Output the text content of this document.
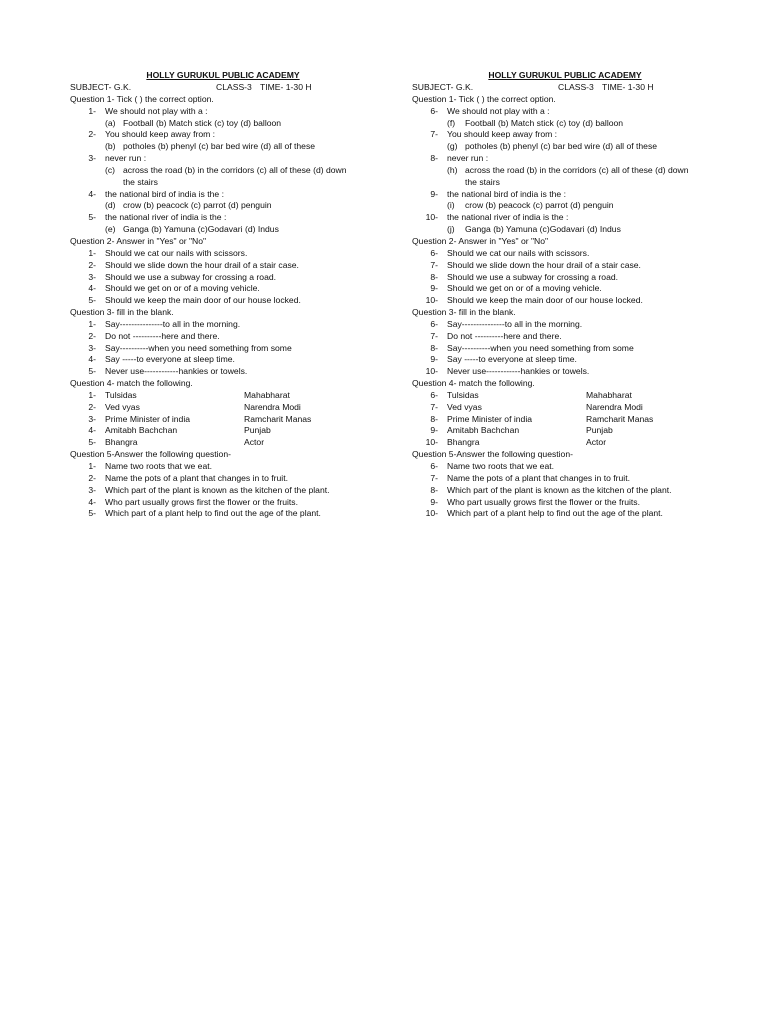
HOLLY GURUKUL PUBLIC ACADEMY
SUBJECT- G.K.	CLASS-3 TIME- 1-30 H
Question 1- Tick ( ) the correct option.
1- We should not play with a :
(a) Football (b) Match stick (c) toy (d) balloon
2- You should keep away from :
(b) potholes (b) phenyl (c) bar bed wire (d) all of these
3- never run :
(c) across the road (b) in the corridors (c) all of these (d) down
the stairs
4- the national bird of india is the :
(d) crow (b) peacock (c) parrot (d) penguin
5- the national river of india is the :
(e) Ganga (b) Yamuna (c)Godavari (d) Indus
Question 2- Answer in "Yes" or "No"
1- Should we cat our nails with scissors.
2- Should we slide down the hour drail of a stair case.
3- Should we use a subway for crossing a road.
4- Should we get on or of a moving vehicle.
5- Should we keep the main door of our house locked.
Question 3- fill in the blank.
1- Say---------------to all in the morning.
2- Do not ----------here and there.
3- Say----------when you need something from some
4- Say -----to everyone at sleep time.
5- Never use------------hankies or towels.
Question 4- match the following.
1- Tulsidas	Mahabharat
2- Ved vyas	Narendra Modi
3- Prime Minister of india	Ramcharit Manas
4- Amitabh Bachchan	Punjab
5- Bhangra	Actor
Question 5-Answer the following question-
1- Name two roots that we eat.
2- Name the pots of a plant that changes in to fruit.
3- Which part of the plant is known as the kitchen of the plant.
4- Who part usually grows first the flower or the fruits.
5- Which part of a plant help to find out the age of the plant.
HOLLY GURUKUL PUBLIC ACADEMY
SUBJECT- G.K.	CLASS-3 TIME- 1-30 H
Question 1- Tick ( ) the correct option.
6- We should not play with a :
(f)	Football (b) Match stick (c) toy (d) balloon
7- You should keep away from :
(g) potholes (b) phenyl (c) bar bed wire (d) all of these
8- never run :
(h) across the road (b) in the corridors (c) all of these (d) down
the stairs
9- the national bird of india is the :
(i)	crow (b) peacock (c) parrot (d) penguin
10- the national river of india is the :
(j)	Ganga (b) Yamuna (c)Godavari (d) Indus
Question 2- Answer in "Yes" or "No"
6- Should we cat our nails with scissors.
7- Should we slide down the hour drail of a stair case.
8- Should we use a subway for crossing a road.
9- Should we get on or of a moving vehicle.
10- Should we keep the main door of our house locked.
Question 3- fill in the blank.
6- Say---------------to all in the morning.
7- Do not ----------here and there.
8- Say----------when you need something from some
9- Say -----to everyone at sleep time.
10- Never use------------hankies or towels.
Question 4- match the following.
6- Tulsidas	Mahabharat
7- Ved vyas	Narendra Modi
8- Prime Minister of india	Ramcharit Manas
9- Amitabh Bachchan	Punjab
10- Bhangra	Actor
Question 5-Answer the following question-
6- Name two roots that we eat.
7- Name the pots of a plant that changes in to fruit.
8- Which part of the plant is known as the kitchen of the plant.
9- Who part usually grows first the flower or the fruits.
10- Which part of a plant help to find out the age of the plant.
